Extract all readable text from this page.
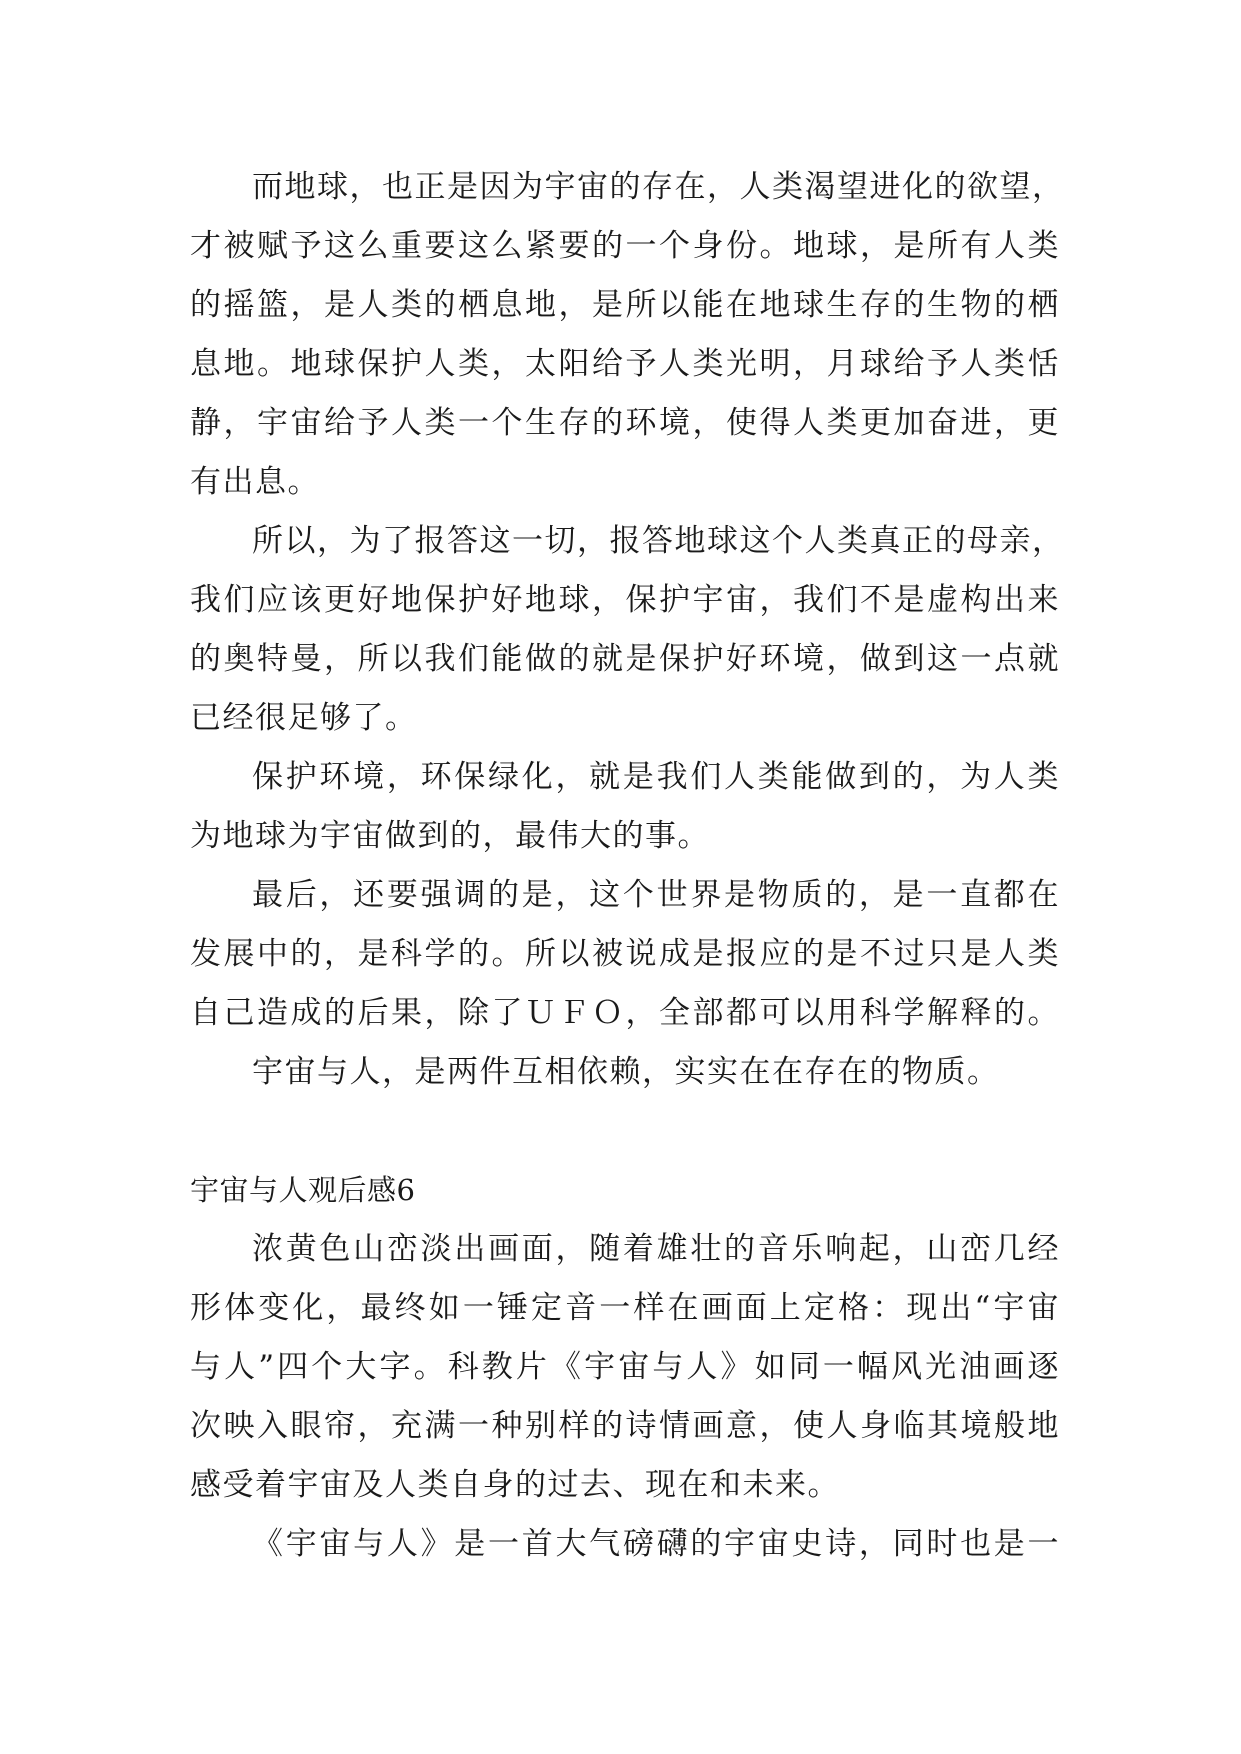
而地球，也正是因为宇宙的存在，人类渴望进化的欲望，
才被赋予这么重要这么紧要的一个身份。地球，是所有人类
的摇篮，是人类的栖息地，是所以能在地球生存的生物的栖
息地。地球保护人类，太阳给予人类光明，月球给予人类恬
静，宇宙给予人类一个生存的环境，使得人类更加奋进，更
有出息。
所以，为了报答这一切，报答地球这个人类真正的母亲，
我们应该更好地保护好地球，保护宇宙，我们不是虚构出来
的奥特曼，所以我们能做的就是保护好环境，做到这一点就
已经很足够了。
保护环境，环保绿化，就是我们人类能做到的，为人类
为地球为宇宙做到的，最伟大的事。
最后，还要强调的是，这个世界是物质的，是一直都在
发展中的，是科学的。所以被说成是报应的是不过只是人类
自己造成的后果，除了ＵＦＯ，全部都可以用科学解释的。
宇宙与人，是两件互相依赖，实实在在存在的物质。
宇宙与人观后感6
浓黄色山峦淡出画面，随着雄壮的音乐响起，山峦几经
形体变化，最终如一锤定音一样在画面上定格：现出“宇宙
与人”四个大字。科教片《宇宙与人》如同一幅风光油画逐
次映入眼帘，充满一种别样的诗情画意，使人身临其境般地
感受着宇宙及人类自身的过去、现在和未来。
《宇宙与人》是一首大气磅礴的宇宙史诗，同时也是一
